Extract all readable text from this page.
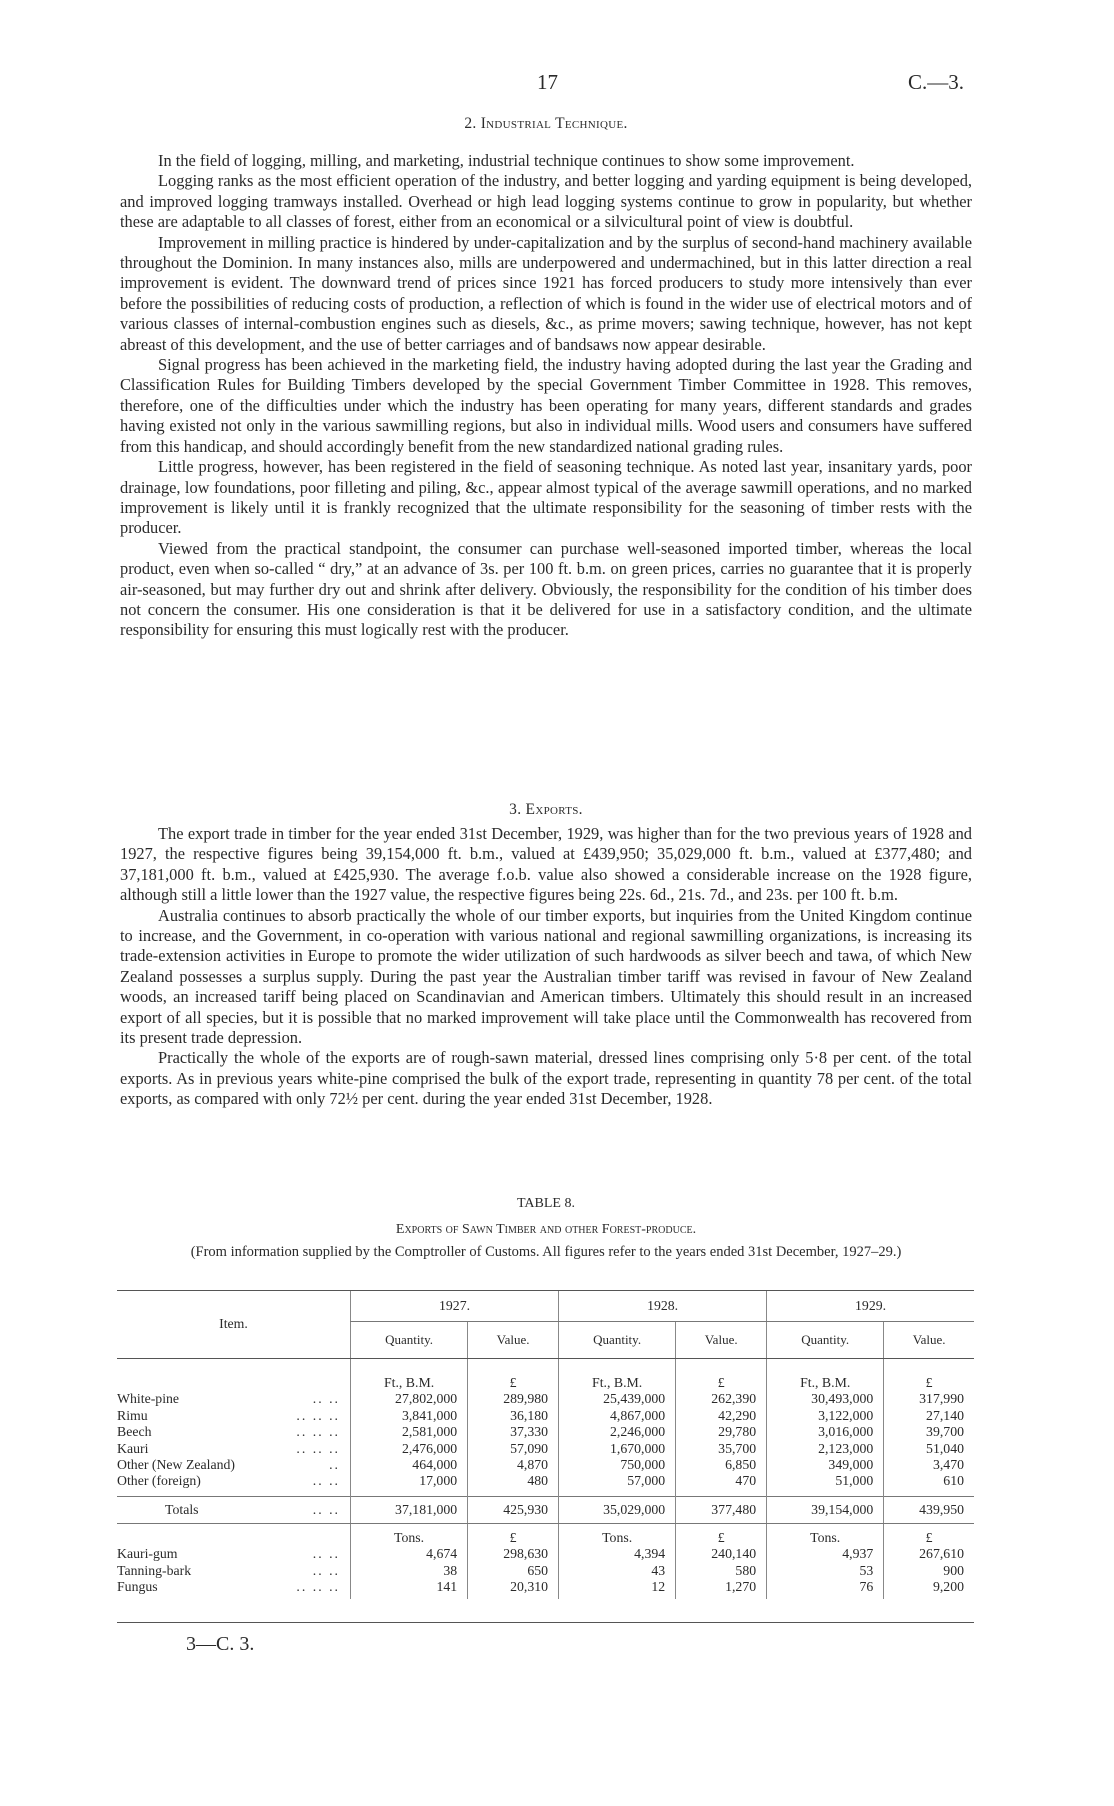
17	C.—3.
2. Industrial Technique.

In the field of logging, milling, and marketing, industrial technique continues to show some improvement.

Logging ranks as the most efficient operation of the industry, and better logging and yarding equipment is being developed, and improved logging tramways installed. Overhead or high lead logging systems continue to grow in popularity, but whether these are adaptable to all classes of forest, either from an economical or a silvicultural point of view is doubtful.

Improvement in milling practice is hindered by under-capitalization and by the surplus of second-hand machinery available throughout the Dominion. In many instances also, mills are underpowered and undermachined, but in this latter direction a real improvement is evident. The downward trend of prices since 1921 has forced producers to study more intensively than ever before the possibilities of reducing costs of production, a reflection of which is found in the wider use of electrical motors and of various classes of internal-combustion engines such as diesels, &c., as prime movers; sawing technique, however, has not kept abreast of this development, and the use of better carriages and of bandsaws now appear desirable.

Signal progress has been achieved in the marketing field, the industry having adopted during the last year the Grading and Classification Rules for Building Timbers developed by the special Government Timber Committee in 1928. This removes, therefore, one of the difficulties under which the industry has been operating for many years, different standards and grades having existed not only in the various sawmilling regions, but also in individual mills. Wood users and consumers have suffered from this handicap, and should accordingly benefit from the new standardized national grading rules.

Little progress, however, has been registered in the field of seasoning technique. As noted last year, insanitary yards, poor drainage, low foundations, poor filleting and piling, &c., appear almost typical of the average sawmill operations, and no marked improvement is likely until it is frankly recognized that the ultimate responsibility for the seasoning of timber rests with the producer.

Viewed from the practical standpoint, the consumer can purchase well-seasoned imported timber, whereas the local product, even when so-called “ dry,” at an advance of 3s. per 100 ft. b.m. on green prices, carries no guarantee that it is properly air-seasoned, but may further dry out and shrink after delivery. Obviously, the responsibility for the condition of his timber does not concern the consumer. His one consideration is that it be delivered for use in a satisfactory condition, and the ultimate responsibility for ensuring this must logically rest with the producer.

3. Exports.

The export trade in timber for the year ended 31st December, 1929, was higher than for the two previous years of 1928 and 1927, the respective figures being 39,154,000 ft. b.m., valued at £439,950; 35,029,000 ft. b.m., valued at £377,480; and 37,181,000 ft. b.m., valued at £425,930. The average f.o.b. value also showed a considerable increase on the 1928 figure, although still a little lower than the 1927 value, the respective figures being 22s. 6d., 21s. 7d., and 23s. per 100 ft. b.m.

Australia continues to absorb practically the whole of our timber exports, but inquiries from the United Kingdom continue to increase, and the Government, in co-operation with various national and regional sawmilling organizations, is increasing its trade-extension activities in Europe to promote the wider utilization of such hardwoods as silver beech and tawa, of which New Zealand possesses a surplus supply. During the past year the Australian timber tariff was revised in favour of New Zealand woods, an increased tariff being placed on Scandinavian and American timbers. Ultimately this should result in an increased export of all species, but it is possible that no marked improvement will take place until the Commonwealth has recovered from its present trade depression.

Practically the whole of the exports are of rough-sawn material, dressed lines comprising only 5·8 per cent. of the total exports. As in previous years white-pine comprised the bulk of the export trade, representing in quantity 78 per cent. of the total exports, as compared with only 72½ per cent. during the year ended 31st December, 1928.

TABLE 8.
Exports of Sawn Timber and other Forest-produce.
(From information supplied by the Comptroller of Customs. All figures refer to the years ended 31st December, 1927–29.)
Item.	1927.		1928.		1929.	
	Quantity.	Value.	Quantity.	Value.	Quantity.	Value.

	Ft., B.M.	£	Ft., B.M.	£	Ft., B.M.	£

White-pine .. ..	27,802,000	289,980	25,439,000	262,390	30,493,000	317,990

Rimu .. .. ..	3,841,000	36,180	4,867,000	42,290	3,122,000	27,140

Beech .. .. ..	2,581,000	37,330	2,246,000	29,780	3,016,000	39,700

Kauri .. .. ..	2,476,000	57,090	1,670,000	35,700	2,123,000	51,040

Other (New Zealand) ..	464,000	4,870	750,000	6,850	349,000	3,470

Other (foreign) .. ..	17,000	480	57,000	470	51,000	610

Totals .. ..	37,181,000	425,930	35,029,000	377,480	39,154,000	439,950
	Tons.	£	Tons.	£	Tons.	£

Kauri-gum .. ..	4,674	298,630	4,394	240,140	4,937	267,610

Tanning-bark .. ..	38	650	43	580	53	900

Fungus .. .. ..	141	20,310	12	1,270	76	9,200

3—C. 3.
